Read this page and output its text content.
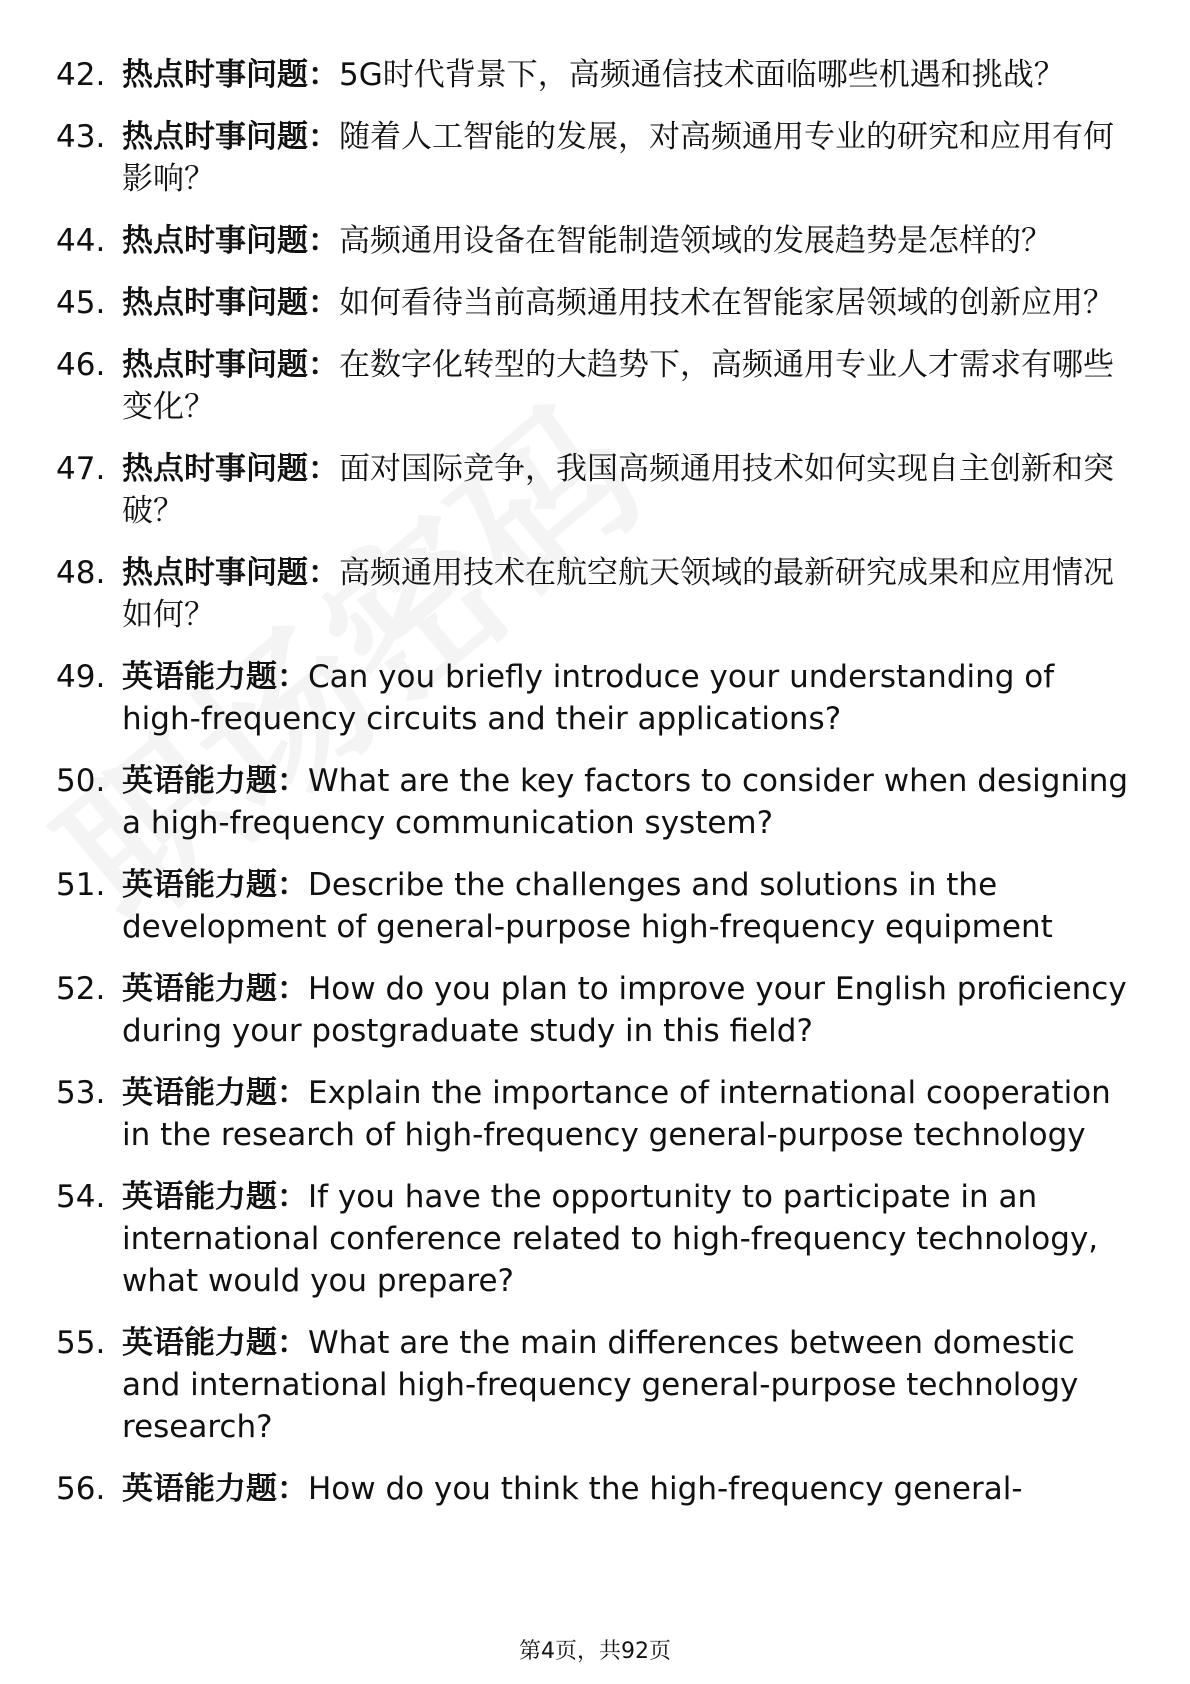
42. 热点时事问题：5G时代背景下，高频通信技术面临哪些机遇和挑战？
43. 热点时事问题：随着人工智能的发展，对高频通用专业的研究和应用有何影响？
44. 热点时事问题：高频通用设备在智能制造领域的发展趋势是怎样的？
45. 热点时事问题：如何看待当前高频通用技术在智能家居领域的创新应用？
46. 热点时事问题：在数字化转型的大趋势下，高频通用专业人才需求有哪些变化？
47. 热点时事问题：面对国际竞争，我国高频通用技术如何实现自主创新和突破？
48. 热点时事问题：高频通用技术在航空航天领域的最新研究成果和应用情况如何？
49. 英语能力题：Can you briefly introduce your understanding of high-frequency circuits and their applications?
50. 英语能力题：What are the key factors to consider when designing a high-frequency communication system?
51. 英语能力题：Describe the challenges and solutions in the development of general-purpose high-frequency equipment
52. 英语能力题：How do you plan to improve your English proficiency during your postgraduate study in this field?
53. 英语能力题：Explain the importance of international cooperation in the research of high-frequency general-purpose technology
54. 英语能力题：If you have the opportunity to participate in an international conference related to high-frequency technology, what would you prepare?
55. 英语能力题：What are the main differences between domestic and international high-frequency general-purpose technology research?
56. 英语能力题：How do you think the high-frequency general-
第4页，共92页
